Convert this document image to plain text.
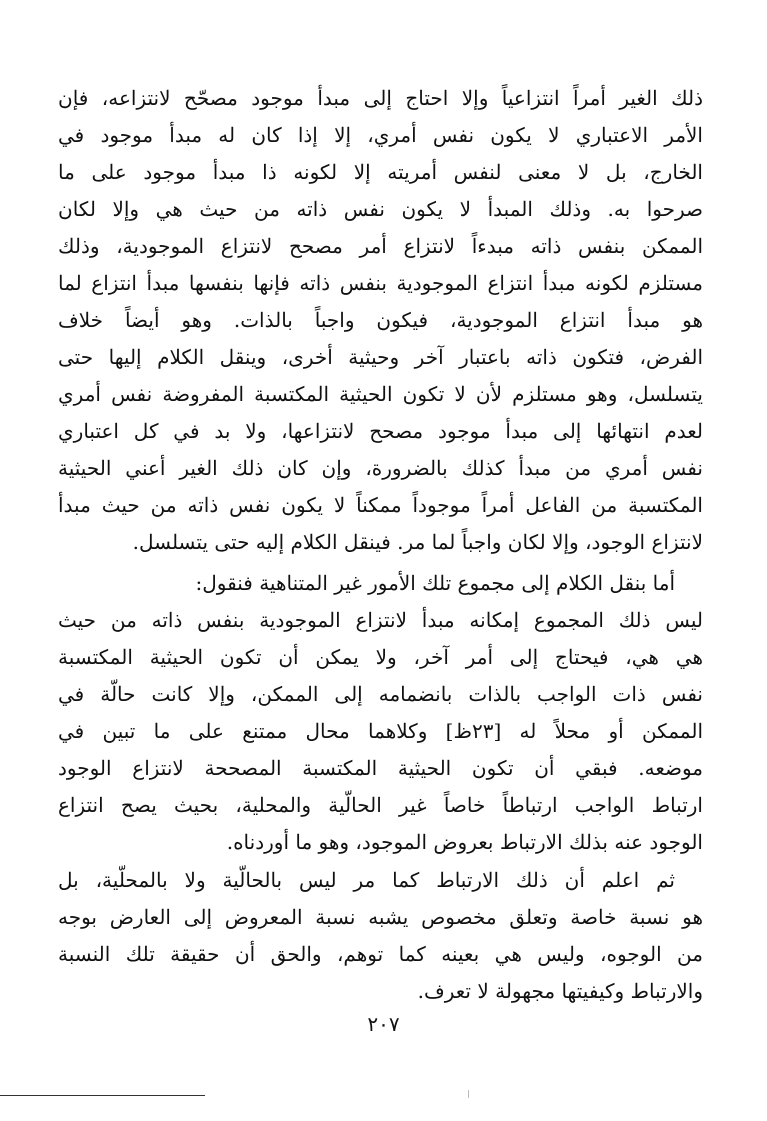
ذلك الغير أمراً انتزاعياً وإلا احتاج إلى مبدأ موجود مصحّح لانتزاعه، فإن
الأمر الاعتباري لا يكون نفس أمري، إلا إذا كان له مبدأ موجود في
الخارج، بل لا معنى لنفس أمريته إلا لكونه ذا مبدأ موجود على ما
صرحوا به. وذلك المبدأ لا يكون نفس ذاته من حيث هي وإلا لكان
الممكن بنفس ذاته مبدءاً لانتزاع أمر مصحح لانتزاع الموجودية، وذلك
مستلزم لكونه مبدأ انتزاع الموجودية بنفس ذاته فإنها بنفسها مبدأ انتزاع لما
هو مبدأ انتزاع الموجودية، فيكون واجباً بالذات. وهو أيضاً خلاف
الفرض، فتكون ذاته باعتبار آخر وحيثية أخرى، وينقل الكلام إليها حتى
يتسلسل، وهو مستلزم لأن لا تكون الحيثية المكتسبة المفروضة نفس أمري
لعدم انتهائها إلى مبدأ موجود مصحح لانتزاعها، ولا بد في كل اعتباري
نفس أمري من مبدأ كذلك بالضرورة، وإن كان ذلك الغير أعني الحيثية
المكتسبة من الفاعل أمراً موجوداً ممكناً لا يكون نفس ذاته من حيث مبدأ
لانتزاع الوجود، وإلا لكان واجباً لما مر. فينقل الكلام إليه حتى يتسلسل.
أما بنقل الكلام إلى مجموع تلك الأمور غير المتناهية فنقول:
ليس ذلك المجموع إمكانه مبدأ لانتزاع الموجودية بنفس ذاته من حيث
هي هي، فيحتاج إلى أمر آخر، ولا يمكن أن تكون الحيثية المكتسبة
نفس ذات الواجب بالذات بانضمامه إلى الممكن، وإلا كانت حالّة في
الممكن أو محلاً له [٢٣ظ] وكلاهما محال ممتنع على ما تبين في
موضعه. فبقي أن تكون الحيثية المكتسبة المصححة لانتزاع الوجود
ارتباط الواجب ارتباطاً خاصاً غير الحالّية والمحلية، بحيث يصح انتزاع
الوجود عنه بذلك الارتباط بعروض الموجود، وهو ما أوردناه.
ثم اعلم أن ذلك الارتباط كما مر ليس بالحالّية ولا بالمحلّية، بل
هو نسبة خاصة وتعلق مخصوص يشبه نسبة المعروض إلى العارض بوجه
من الوجوه، وليس هي بعينه كما توهم، والحق أن حقيقة تلك النسبة
والارتباط وكيفيتها مجهولة لا تعرف.
٢٠٧
